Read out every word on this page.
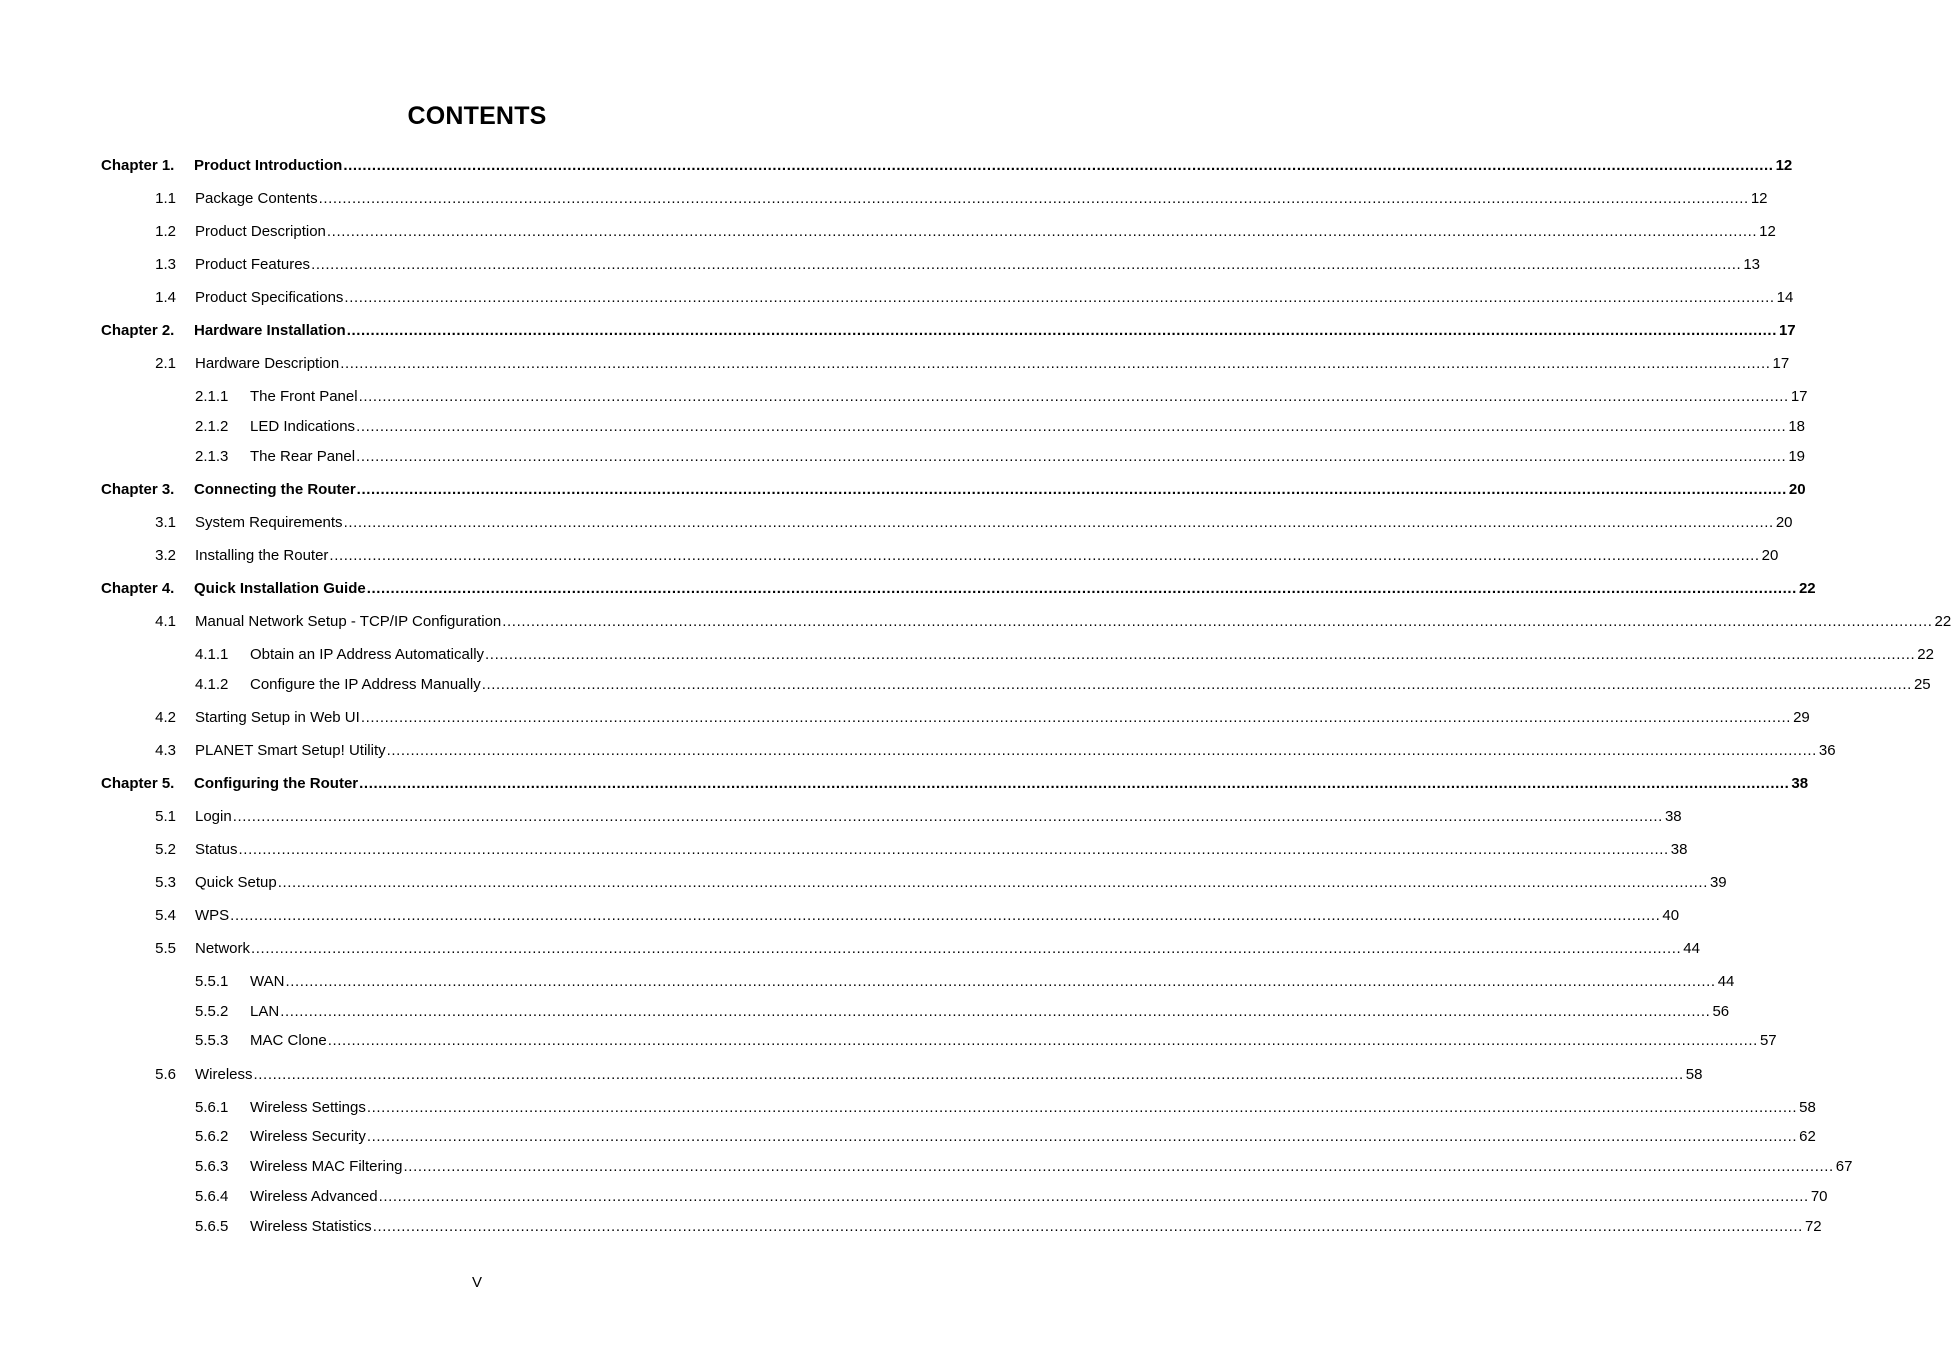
CONTENTS
Chapter 1.	Product Introduction ............................................................................................................................................................................................................................................................................................................ 12
1.1 Package Contents ............................................................................................................................................................................................................................................................................................................ 12
1.2 Product Description ............................................................................................................................................................................................................................................................................................................ 12
1.3 Product Features ............................................................................................................................................................................................................................................................................................................ 13
1.4 Product Specifications ............................................................................................................................................................................................................................................................................................................ 14
Chapter 2.	Hardware Installation ............................................................................................................................................................................................................................................................................................................ 17
2.1 Hardware Description ............................................................................................................................................................................................................................................................................................................ 17
2.1.1	The Front Panel ............................................................................................................................................................................................................................................................................................................ 17
2.1.2	LED Indications ............................................................................................................................................................................................................................................................................................................ 18
2.1.3	The Rear Panel ............................................................................................................................................................................................................................................................................................................ 19
Chapter 3.	Connecting the Router ............................................................................................................................................................................................................................................................................................................ 20
3.1 System Requirements ............................................................................................................................................................................................................................................................................................................ 20
3.2 Installing the Router ............................................................................................................................................................................................................................................................................................................ 20
Chapter 4.	Quick Installation Guide ............................................................................................................................................................................................................................................................................................................ 22
4.1 Manual Network Setup - TCP/IP Configuration ............................................................................................................................................................................................................................................................................................................ 22
4.1.1	Obtain an IP Address Automatically ............................................................................................................................................................................................................................................................................................................ 22
4.1.2	Configure the IP Address Manually ............................................................................................................................................................................................................................................................................................................ 25
4.2 Starting Setup in Web UI ............................................................................................................................................................................................................................................................................................................ 29
4.3 PLANET Smart Setup! Utility ............................................................................................................................................................................................................................................................................................................ 36
Chapter 5.	Configuring the Router ............................................................................................................................................................................................................................................................................................................ 38
5.1 Login ............................................................................................................................................................................................................................................................................................................ 38
5.2 Status ............................................................................................................................................................................................................................................................................................................ 38
5.3 Quick Setup ............................................................................................................................................................................................................................................................................................................ 39
5.4 WPS ............................................................................................................................................................................................................................................................................................................ 40
5.5 Network ............................................................................................................................................................................................................................................................................................................ 44
5.5.1	WAN ............................................................................................................................................................................................................................................................................................................ 44
5.5.2	LAN ............................................................................................................................................................................................................................................................................................................ 56
5.5.3	MAC Clone ............................................................................................................................................................................................................................................................................................................ 57
5.6 Wireless ............................................................................................................................................................................................................................................................................................................ 58
5.6.1	Wireless Settings ............................................................................................................................................................................................................................................................................................................ 58
5.6.2	Wireless Security ............................................................................................................................................................................................................................................................................................................ 62
5.6.3	Wireless MAC Filtering ............................................................................................................................................................................................................................................................................................................ 67
5.6.4	Wireless Advanced ............................................................................................................................................................................................................................................................................................................ 70
5.6.5	Wireless Statistics ............................................................................................................................................................................................................................................................................................................ 72
V
